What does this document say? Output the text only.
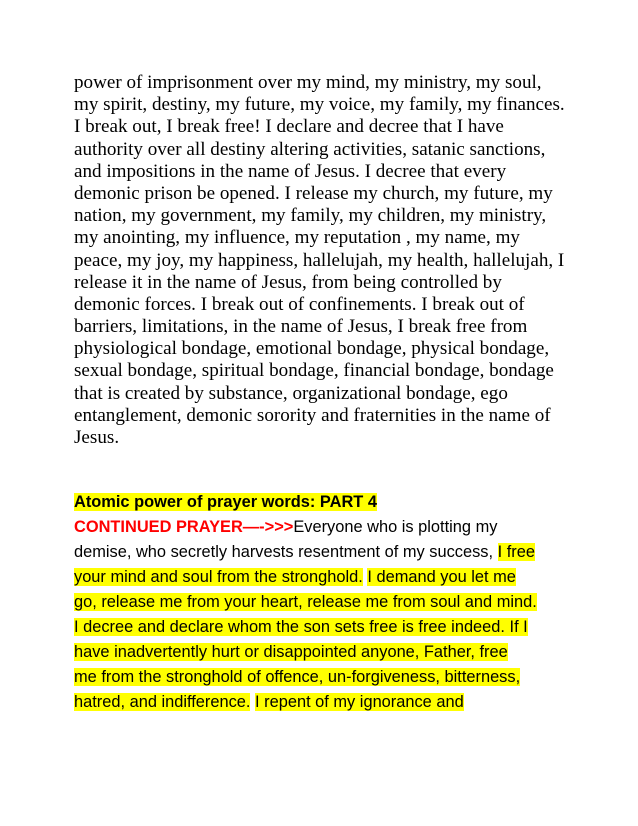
power of imprisonment over my mind, my ministry, my soul,
my spirit, destiny, my future, my voice, my family, my finances.
I break out, I break free! I declare and decree that I have
authority over all destiny altering activities, satanic sanctions,
and impositions in the name of Jesus. I decree that every
demonic prison be opened. I release my church, my future, my
nation, my government, my family, my children, my ministry,
my anointing, my influence, my reputation , my name, my
peace, my joy, my happiness, hallelujah, my health, hallelujah, I
release it in the name of Jesus, from being controlled by
demonic forces. I break out of confinements. I break out of
barriers, limitations, in the name of Jesus, I break free from
physiological bondage, emotional bondage, physical bondage,
sexual bondage, spiritual bondage, financial bondage, bondage
that is created by substance, organizational bondage, ego
entanglement, demonic sorority and fraternities in the name of
Jesus.
Atomic power of prayer words: PART 4
CONTINUED PRAYER—->>>Everyone who is plotting my
demise, who secretly harvests resentment of my success, I free
your mind and soul from the stronghold. I demand you let me
go, release me from your heart, release me from soul and mind.
I decree and declare whom the son sets free is free indeed. If I
have inadvertently hurt or disappointed anyone, Father, free
me from the stronghold of offence, un-forgiveness, bitterness,
hatred, and indifference. I repent of my ignorance and
